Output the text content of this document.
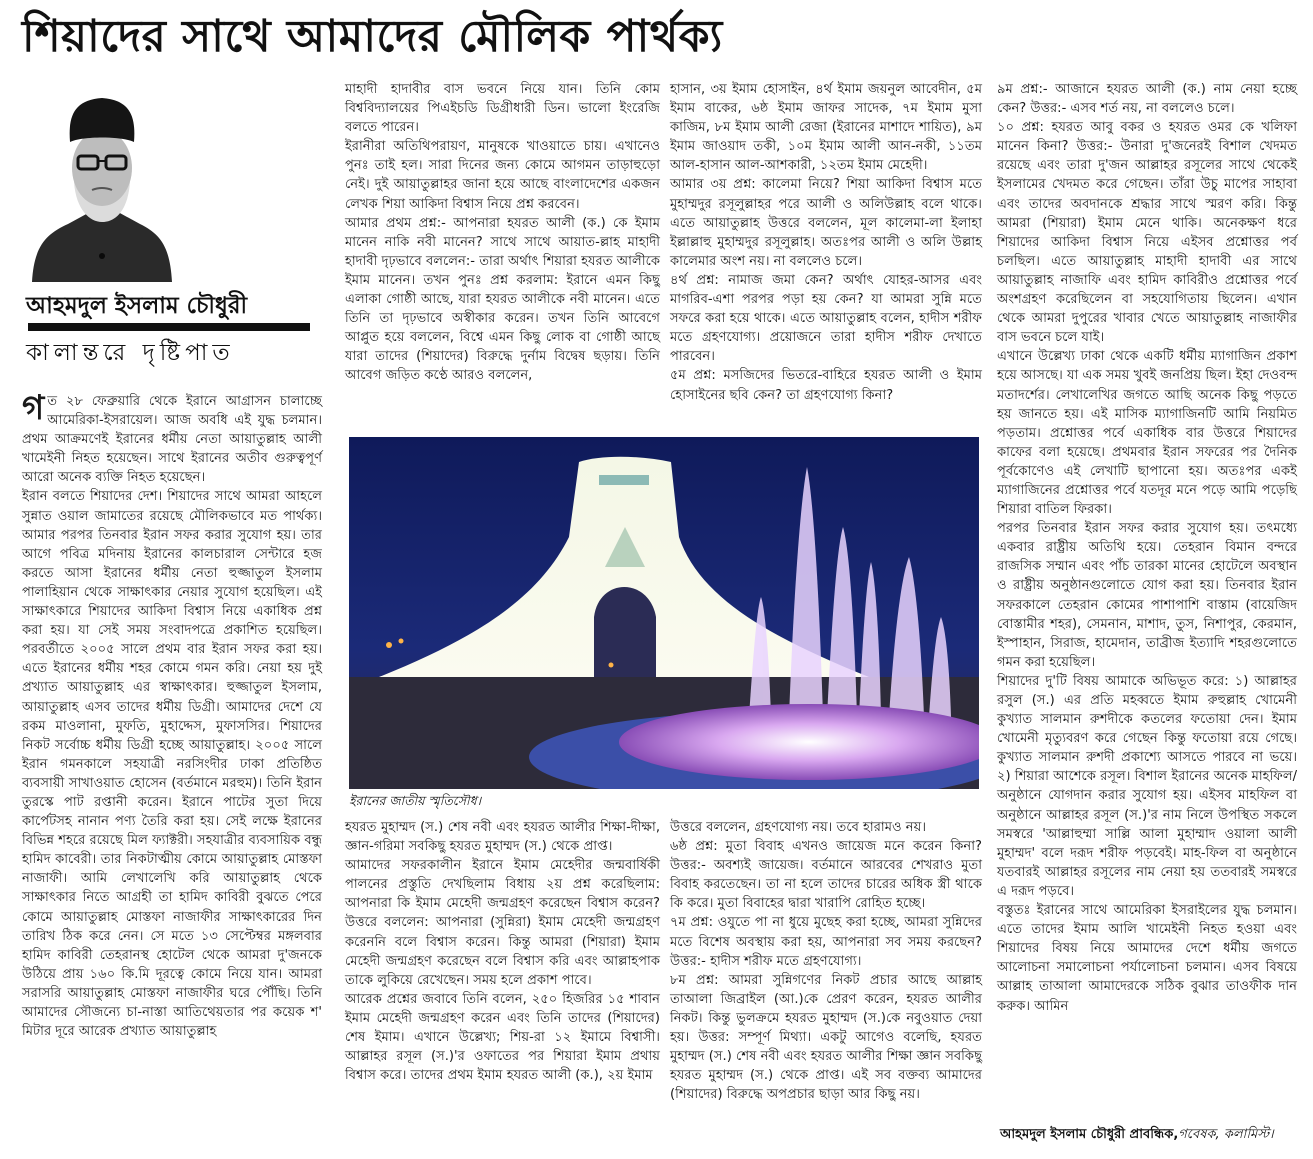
শিয়াদের সাথে আমাদের মৌলিক পার্থক্য
আহমদুল ইসলাম চৌধুরী
কালান্তরে দৃষ্টিপাত

গত ২৮ ফেব্রুয়ারি থেকে ইরানে আগ্রাসন চালাচ্ছে আমেরিকা-ইসরায়েল। আজ অবধি এই যুদ্ধ চলমান। প্রথম আক্রমণেই ইরানের ধর্মীয় নেতা আয়াতুল্লাহ আলী খামেইনী নিহত হয়েছেন। সাথে ইরানের অতীব গুরুত্বপূর্ণ আরো অনেক ব্যক্তি নিহত হয়েছেন।

ইরান বলতে শিয়াদের দেশ। শিয়াদের সাথে আমরা আহলে সুন্নাত ওয়াল জামাতের রয়েছে মৌলিকভাবে মত পার্থক্য। আমার পরপর তিনবার ইরান সফর করার সুযোগ হয়। তার আগে পবিত্র মদিনায় ইরানের কালচারাল সেন্টারে হজ করতে আসা ইরানের ধর্মীয় নেতা হুজ্জাতুল ইসলাম পালাহিয়ান থেকে সাক্ষাৎকার নেয়ার সুযোগ হয়েছিল। এই সাক্ষাৎকারে শিয়াদের আকিদা বিশ্বাস নিয়ে একাধিক প্রশ্ন করা হয়। যা সেই সময় সংবাদপত্রে প্রকাশিত হয়েছিল। পরবর্তীতে ২০০৫ সালে প্রথম বার ইরান সফর করা হয়। এতে ইরানের ধর্মীয় শহর কোমে গমন করি। নেয়া হয় দুই প্রখ্যাত আয়াতুল্লাহ এর স্বাক্ষাৎকার। হুজ্জাতুল ইসলাম, আয়াতুল্লাহ এসব তাদের ধর্মীয় ডিগ্রী। আমাদের দেশে যে রকম মাওলানা, মুফতি, মুহাদ্দেস, মুফাসসির। শিয়াদের নিকট সর্বোচ্চ ধর্মীয় ডিগ্রী হচ্ছে আয়াতুল্লাহ। ২০০৫ সালে ইরান গমনকালে সহযাত্রী নরসিংদীর ঢাকা প্রতিষ্ঠিত ব্যবসায়ী সাখাওয়াত হোসেন (বর্তমানে মরহুম)। তিনি ইরান তুরস্কে পাট রপ্তানী করেন। ইরানে পাটের সুতা দিয়ে কার্পেটসহ নানান পণ্য তৈরি করা হয়। সেই লক্ষে ইরানের বিভিন্ন শহরে রয়েছে মিল ফ্যাক্টরী। সহযাত্রীর ব্যবসায়িক বন্ধু হামিদ কাবেরী। তার নিকটাত্মীয় কোমে আয়াতুল্লাহ মোস্তফা নাজাফী। আমি লেখালেখি করি আয়াতুল্লাহ থেকে সাক্ষাৎকার নিতে আগ্রহী তা হামিদ কাবিরী বুঝতে পেরে কোমে আয়াতুল্লাহ মোস্তফা নাজাফীর সাক্ষাৎকারের দিন তারিখ ঠিক করে নেন। সে মতে ১৩ সেপ্টেম্বর মঙ্গলবার হামিদ কাবিরী তেহরানস্থ হোটেল থেকে আমরা দু'জনকে উঠিয়ে প্রায় ১৬০ কি.মি দূরত্বে কোমে নিয়ে যান। আমরা সরাসরি আয়াতুল্লাহ মোস্তফা নাজাফীর ঘরে পৌঁছি। তিনি আমাদের সৌজন্যে চা-নাস্তা আতিথেয়তার পর কয়েক শ' মিটার দূরে আরেক প্রখ্যাত আয়াতুল্লাহ

মাহাদী হাদাবীর বাস ভবনে নিয়ে যান। তিনি কোম বিশ্ববিদ্যালয়ের পিএইচডি ডিগ্রীধারী ডিন। ভালো ইংরেজি বলতে পারেন।

ইরানীরা অতিথিপরায়ণ, মানুষকে খাওয়াতে চায়। এখানেও পুনঃ তাই হল। সারা দিনের জন্য কোমে আগমন তাড়াহুড়ো নেই। দুই আয়াতুল্লাহর জানা হয়ে আছে বাংলাদেশের একজন লেখক শিয়া আকিদা বিশ্বাস নিয়ে প্রশ্ন করবেন।

আমার প্রথম প্রশ্ন:- আপনারা হযরত আলী (ক.) কে ইমাম মানেন নাকি নবী মানেন? সাথে সাথে আয়াত-ল্লাহ মাহাদী হাদাবী দৃঢ়ভাবে বললেন:- তারা অর্থাৎ শিয়ারা হযরত আলীকে ইমাম মানেন। তখন পুনঃ প্রশ্ন করলাম: ইরানে এমন কিছু এলাকা গোষ্ঠী আছে, যারা হযরত আলীকে নবী মানেন। এতে তিনি তা দৃঢ়ভাবে অস্বীকার করেন। তখন তিনি আবেগে আপ্লুত হয়ে বললেন, বিশ্বে এমন কিছু লোক বা গোষ্ঠী আছে যারা তাদের (শিয়াদের) বিরুদ্ধে দুর্নাম বিদ্বেষ ছড়ায়। তিনি আবেগ জড়িত কণ্ঠে আরও বললেন,

হাসান, ৩য় ইমাম হোসাইন, ৪র্থ ইমাম জয়নুল আবেদীন, ৫ম ইমাম বাকের, ৬ষ্ঠ ইমাম জাফর সাদেক, ৭ম ইমাম মুসা কাজিম, ৮ম ইমাম আলী রেজা (ইরানের মাশাদে শায়িত), ৯ম ইমাম জাওয়াদ তকী, ১০ম ইমাম আলী আন-নকী, ১১তম আল-হাসান আল-আশকারী, ১২তম ইমাম মেহেদী।

আমার ৩য় প্রশ্ন: কালেমা নিয়ে? শিয়া আকিদা বিশ্বাস মতে মুহাম্মদুর রসূলুল্লাহর পরে আলী ও অলিউল্লাহ বলে থাকে। এতে আয়াতুল্লাহ উত্তরে বললেন, মূল কালেমা-লা ইলাহা ইল্লাল্লাহু মুহাম্মদুর রসূলুল্লাহ। অতঃপর আলী ও অলি উল্লাহ কালেমার অংশ নয়। না বললেও চলে।

৪র্থ প্রশ্ন: নামাজ জমা কেন? অর্থাৎ যোহর-আসর এবং মাগরিব-এশা পরপর পড়া হয় কেন? যা আমরা সুন্নি মতে সফরে করা হয়ে থাকে। এতে আয়াতুল্লাহ বলেন, হাদীস শরীফ মতে গ্রহণযোগ্য। প্রয়োজনে তারা হাদীস শরীফ দেখাতে পারবেন।

৫ম প্রশ্ন: মসজিদের ভিতরে-বাহিরে হযরত আলী ও ইমাম হোসাইনের ছবি কেন? তা গ্রহণযোগ্য কিনা?

৯ম প্রশ্ন:- আজানে হযরত আলী (ক.) নাম নেয়া হচ্ছে কেন? উত্তর:- এসব শর্ত নয়, না বললেও চলে।

১০ প্রশ্ন: হযরত আবু বকর ও হযরত ওমর কে খলিফা মানেন কিনা? উত্তর:- উনারা দু'জনেরই বিশাল খেদমত রয়েছে এবং তারা দু'জন আল্লাহর রসূলের সাথে থেকেই ইসলামের খেদমত করে গেছেন। তাঁরা উচু মাপের সাহাবা এবং তাদের অবদানকে শ্রদ্ধার সাথে স্মরণ করি। কিন্তু আমরা (শিয়ারা) ইমাম মেনে থাকি। অনেকক্ষণ ধরে শিয়াদের আকিদা বিশ্বাস নিয়ে এইসব প্রশ্নোত্তর পর্ব চলছিল। এতে আয়াতুল্লাহ মাহাদী হাদাবী এর সাথে আয়াতুল্লাহ নাজাফি এবং হামিদ কাবিরীও প্রশ্নোত্তর পর্বে অংশগ্রহণ করেছিলেন বা সহযোগিতায় ছিলেন। এখান থেকে আমরা দুপুরের খাবার খেতে আয়াতুল্লাহ নাজাফীর বাস ভবনে চলে যাই।

এখানে উল্লেখ্য ঢাকা থেকে একটি ধর্মীয় ম্যাগাজিন প্রকাশ হয়ে আসছে। যা এক সময় খুবই জনপ্রিয় ছিল। ইহা দেওবন্দ মতাদর্শের। লেখালেখির জগতে আছি অনেক কিছু পড়তে হয় জানতে হয়। এই মাসিক ম্যাগাজিনটি আমি নিয়মিত পড়তাম। প্রশ্নোত্তর পর্বে একাধিক বার উত্তরে শিয়াদের কাফের বলা হয়েছে। প্রথমবার ইরান সফরের পর দৈনিক পূর্বকোণেও এই লেখাটি ছাপানো হয়। অতঃপর একই ম্যাগাজিনের প্রশ্নোত্তর পর্বে যতদূর মনে পড়ে আমি পড়েছি শিয়ারা বাতিল ফিরকা।

পরপর তিনবার ইরান সফর করার সুযোগ হয়। তৎমধ্যে একবার রাষ্ট্রীয় অতিথি হয়ে। তেহরান বিমান বন্দরে রাজসিক সম্মান এবং পাঁচ তারকা মানের হোটেলে অবস্থান ও রাষ্ট্রীয় অনুষ্ঠানগুলোতে যোগ করা হয়। তিনবার ইরান সফরকালে তেহরান কোমের পাশাপাশি বাস্তাম (বায়েজিদ বোস্তামীর শহর), সেমনান, মাশাদ, তুস, নিশাপুর, কেরমান, ইস্পাহান, সিরাজ, হামেদান, তাব্রীজ ইত্যাদি শহরগুলোতে গমন করা হয়েছিল।

শিয়াদের দু'টি বিষয় আমাকে অভিভূত করে: ১) আল্লাহর রসুল (স.) এর প্রতি মহব্বতে ইমাম রুহুল্লাহ খোমেনী কুখ্যাত সালমান রুশদীকে কতলের ফতোয়া দেন। ইমাম খোমেনী মৃত্যুবরণ করে গেছেন কিন্তু ফতোয়া রয়ে গেছে। কুখ্যাত সালমান রুশদী প্রকাশ্যে আসতে পারবে না ভয়ে। ২) শিয়ারা আশেকে রসূল। বিশাল ইরানের অনেক মাহফিল/অনুষ্ঠানে যোগদান করার সুযোগ হয়। এইসব মাহফিল বা অনুষ্ঠানে আল্লাহর রসূল (স.)'র নাম নিলে উপস্থিত সকলে সমস্বরে 'আল্লাহুম্মা সাল্লি আলা মুহাম্মাদ ওয়ালা আলী মুহাম্মদ' বলে দরূদ শরীফ পড়বেই। মাহ-ফিল বা অনুষ্ঠানে যতবারই আল্লাহর রসূলের নাম নেয়া হয় ততবারই সমস্বরে এ দরূদ পড়বে।

বস্তুতঃ ইরানের সাথে আমেরিকা ইসরাইলের যুদ্ধ চলমান। এতে তাদের ইমাম আলি খামেইনী নিহত হওয়া এবং শিয়াদের বিষয় নিয়ে আমাদের দেশে ধর্মীয় জগতে আলোচনা সমালোচনা পর্যালোচনা চলমান। এসব বিষয়ে আল্লাহ তাআলা আমাদেরকে সঠিক বুঝার তাওফীক দান করুক। আমিন

ইরানের জাতীয় স্মৃতিসৌধ।

হযরত মুহাম্মদ (স.) শেষ নবী এবং হযরত আলীর শিক্ষা-দীক্ষা, জ্ঞান-গরিমা সবকিছু হযরত মুহাম্মদ (স.) থেকে প্রাপ্ত।

আমাদের সফরকালীন ইরানে ইমাম মেহেদীর জন্মবার্ষিকী পালনের প্রস্তুতি দেখছিলাম বিধায় ২য় প্রশ্ন করেছিলাম: আপনারা কি ইমাম মেহেদী জন্মগ্রহণ করেছেন বিশ্বাস করেন? উত্তরে বললেন: আপনারা (সুন্নিরা) ইমাম মেহেদী জন্মগ্রহণ করেননি বলে বিশ্বাস করেন। কিন্তু আমরা (শিয়ারা) ইমাম মেহেদী জন্মগ্রহণ করেছেন বলে বিশ্বাস করি এবং আল্লাহপাক তাকে লুকিয়ে রেখেছেন। সময় হলে প্রকাশ পাবে।

আরেক প্রশ্নের জবাবে তিনি বলেন, ২৫০ হিজরির ১৫ শাবান ইমাম মেহেদী জন্মগ্রহণ করেন এবং তিনি তাদের (শিয়াদের) শেষ ইমাম। এখানে উল্লেখ্য; শিয়-রা ১২ ইমামে বিশ্বাসী। আল্লাহর রসূল (স.)'র ওফাতের পর শিয়ারা ইমাম প্রথায় বিশ্বাস করে। তাদের প্রথম ইমাম হযরত আলী (ক.), ২য় ইমাম

উত্তরে বললেন, গ্রহণযোগ্য নয়। তবে হারামও নয়।

৬ষ্ঠ প্রশ্ন: মুতা বিবাহ এখনও জায়েজ মনে করেন কিনা? উত্তর:- অবশ্যই জায়েজ। বর্তমানে আরবের শেখরাও মুতা বিবাহ করতেছেন। তা না হলে তাদের চারের অধিক স্ত্রী থাকে কি করে। মুতা বিবাহের দ্বারা খারাপি রোহিত হচ্ছে।

৭ম প্রশ্ন: ওযুতে পা না ধুয়ে মুছেহ করা হচ্ছে, আমরা সুন্নিদের মতে বিশেষ অবস্থায় করা হয়, আপনারা সব সময় করছেন? উত্তর:- হাদীস শরীফ মতে গ্রহণযোগ্য।

৮ম প্রশ্ন: আমরা সুন্নিগণের নিকট প্রচার আছে আল্লাহ তাআলা জিব্রাইল (আ.)কে প্রেরণ করেন, হযরত আলীর নিকট। কিন্তু ভুলক্রমে হযরত মুহাম্মদ (স.)কে নবুওয়াত দেয়া হয়। উত্তর: সম্পূর্ণ মিথ্যা। একটু আগেও বলেছি, হযরত মুহাম্মদ (স.) শেষ নবী এবং হযরত আলীর শিক্ষা জ্ঞান সবকিছু হযরত মুহাম্মদ (স.) থেকে প্রাপ্ত। এই সব বক্তব্য আমাদের (শিয়াদের) বিরুদ্ধে অপপ্রচার ছাড়া আর কিছু নয়।

আহমদুল ইসলাম চৌধুরী প্রাবন্ধিক,গবেষক, কলামিস্ট।
